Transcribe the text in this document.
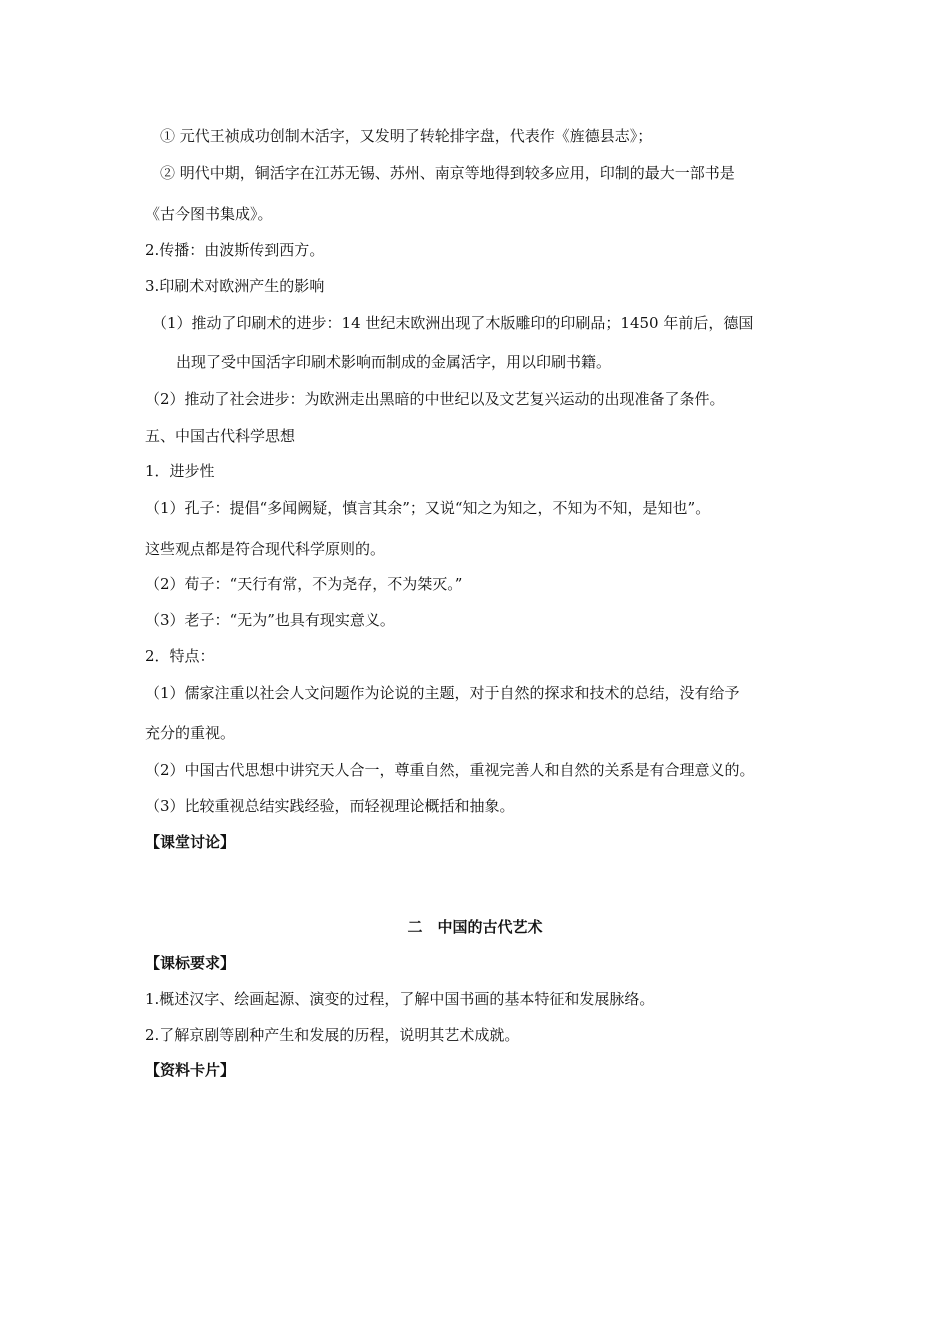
① 元代王祯成功创制木活字，又发明了转轮排字盘，代表作《旌德县志》；
② 明代中期，铜活字在江苏无锡、苏州、南京等地得到较多应用，印制的最大一部书是
《古今图书集成》。
2.传播：由波斯传到西方。
3.印刷术对欧洲产生的影响
（1）推动了印刷术的进步：14 世纪末欧洲出现了木版雕印的印刷品；1450 年前后，德国
出现了受中国活字印刷术影响而制成的金属活字，用以印刷书籍。
（2）推动了社会进步：为欧洲走出黑暗的中世纪以及文艺复兴运动的出现准备了条件。
五、中国古代科学思想
1．进步性
（1）孔子：提倡“多闻阙疑，慎言其余”；又说“知之为知之，不知为不知，是知也”。
这些观点都是符合现代科学原则的。
（2）荀子：“天行有常，不为尧存，不为桀灭。”
（3）老子：“无为”也具有现实意义。
2．特点：
（1）儒家注重以社会人文问题作为论说的主题，对于自然的探求和技术的总结，没有给予
充分的重视。
（2）中国古代思想中讲究天人合一，尊重自然，重视完善人和自然的关系是有合理意义的。
（3）比较重视总结实践经验，而轻视理论概括和抽象。
【课堂讨论】
二　中国的古代艺术
【课标要求】
1.概述汉字、绘画起源、演变的过程，了解中国书画的基本特征和发展脉络。
2.了解京剧等剧种产生和发展的历程，说明其艺术成就。
【资料卡片】
